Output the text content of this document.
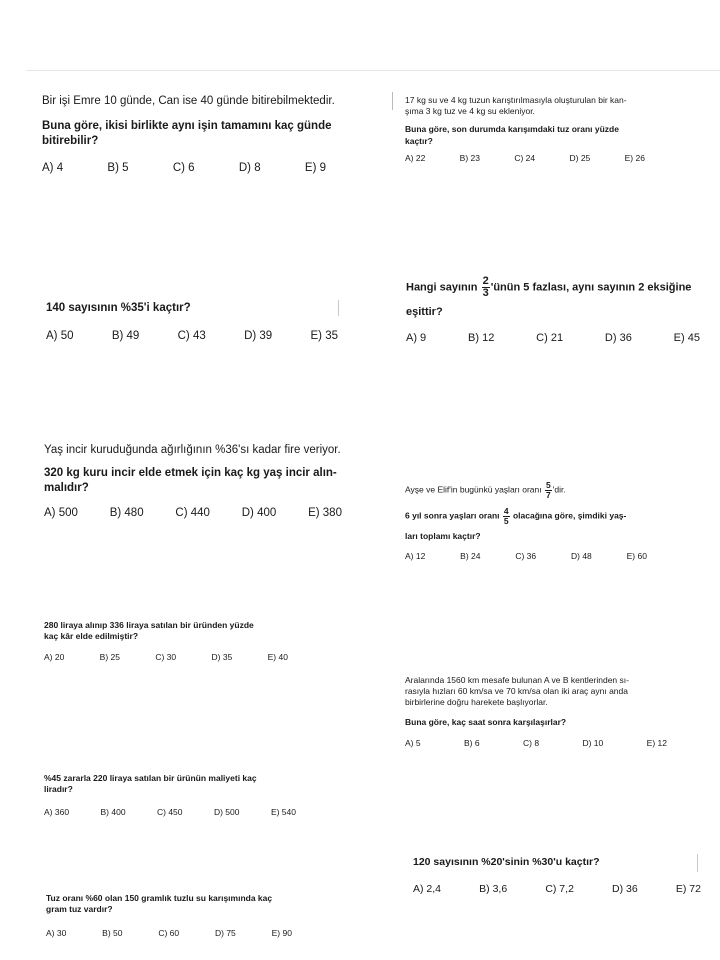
Bir işi Emre 10 günde, Can ise 40 günde bitirebilmektedir.

Buna göre, ikisi birlikte aynı işin tamamını kaç günde

bitirebilir?

A) 4	B) 5	C) 6	D) 8	E) 9

17 kg su ve 4 kg tuzun karıştırılmasıyla oluşturulan bir kan-

şıma 3 kg tuz ve 4 kg su ekleniyor.

Buna göre, son durumda karışımdaki tuz oranı yüzde

kaçtır?

A) 22	B) 23	C) 24	D) 25	E) 26

140 sayısının %35'i kaçtır?

A) 50	B) 49	C) 43	D) 39	E) 35

Hangi sayının $\frac{2}{3}$ 'ünün 5 fazlası, aynı sayının 2 eksiğine

eşittir?

A) 9	B) 12	C) 21	D) 36	E) 45

Yaş incir kuruduğunda ağırlığının %36'sı kadar fire veriyor.

320 kg kuru incir elde etmek için kaç kg yaş incir alın-

malıdır?

A) 500	B) 480	C) 440	D) 400	E) 380

Ayşe ve Elif'in bugünkü yaşları oranı $\frac{5}{7}$ 'dir.

6 yıl sonra yaşları oranı $\frac{4}{5}$ olacağına göre, şimdiki yaş-

ları toplamı kaçtır?

A) 12	B) 24	C) 36	D) 48	E) 60

280 liraya alınıp 336 liraya satılan bir üründen yüzde

kaç kâr elde edilmiştir?

A) 20	B) 25	C) 30	D) 35	E) 40

Aralarında 1560 km mesafe bulunan A ve B kentlerinden sı-

rasıyla hızları 60 km/sa ve 70 km/sa olan iki araç aynı anda

birbirlerine doğru harekete başlıyorlar.

Buna göre, kaç saat sonra karşılaşırlar?

A) 5	B) 6	C) 8	D) 10	E) 12

%45 zararla 220 liraya satılan bir ürünün maliyeti kaç

liradır?

A) 360	B) 400	C) 450	D) 500	E) 540

120 sayısının %20'sinin %30'u kaçtır?

A) 2,4	B) 3,6	C) 7,2	D) 36	E) 72

Tuz oranı %60 olan 150 gramlık tuzlu su karışımında kaç

gram tuz vardır?

A) 30	B) 50	C) 60	D) 75	E) 90
